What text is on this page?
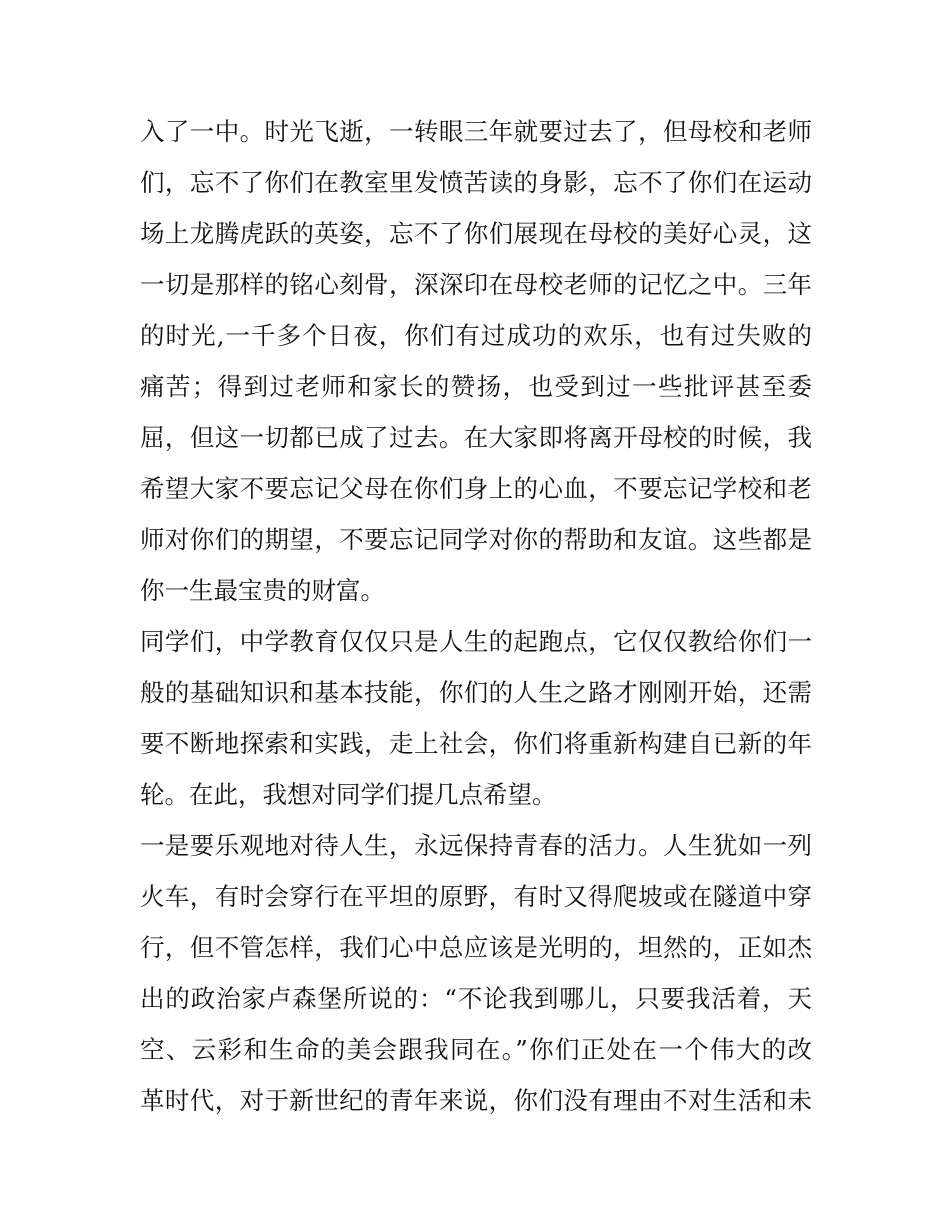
入了一中。时光飞逝，一转眼三年就要过去了，但母校和老师
们，忘不了你们在教室里发愤苦读的身影，忘不了你们在运动
场上龙腾虎跃的英姿，忘不了你们展现在母校的美好心灵，这
一切是那样的铭心刻骨，深深印在母校老师的记忆之中。三年
的时光,一千多个日夜，你们有过成功的欢乐，也有过失败的
痛苦；得到过老师和家长的赞扬，也受到过一些批评甚至委
屈，但这一切都已成了过去。在大家即将离开母校的时候，我
希望大家不要忘记父母在你们身上的心血，不要忘记学校和老
师对你们的期望，不要忘记同学对你的帮助和友谊。这些都是
你一生最宝贵的财富。
同学们，中学教育仅仅只是人生的起跑点，它仅仅教给你们一
般的基础知识和基本技能，你们的人生之路才刚刚开始，还需
要不断地探索和实践，走上社会，你们将重新构建自已新的年
轮。在此，我想对同学们提几点希望。
一是要乐观地对待人生，永远保持青春的活力。人生犹如一列
火车，有时会穿行在平坦的原野，有时又得爬坡或在隧道中穿
行，但不管怎样，我们心中总应该是光明的，坦然的，正如杰
出的政治家卢森堡所说的：“不论我到哪儿，只要我活着，天
空、云彩和生命的美会跟我同在。”你们正处在一个伟大的改
革时代，对于新世纪的青年来说，你们没有理由不对生活和未
